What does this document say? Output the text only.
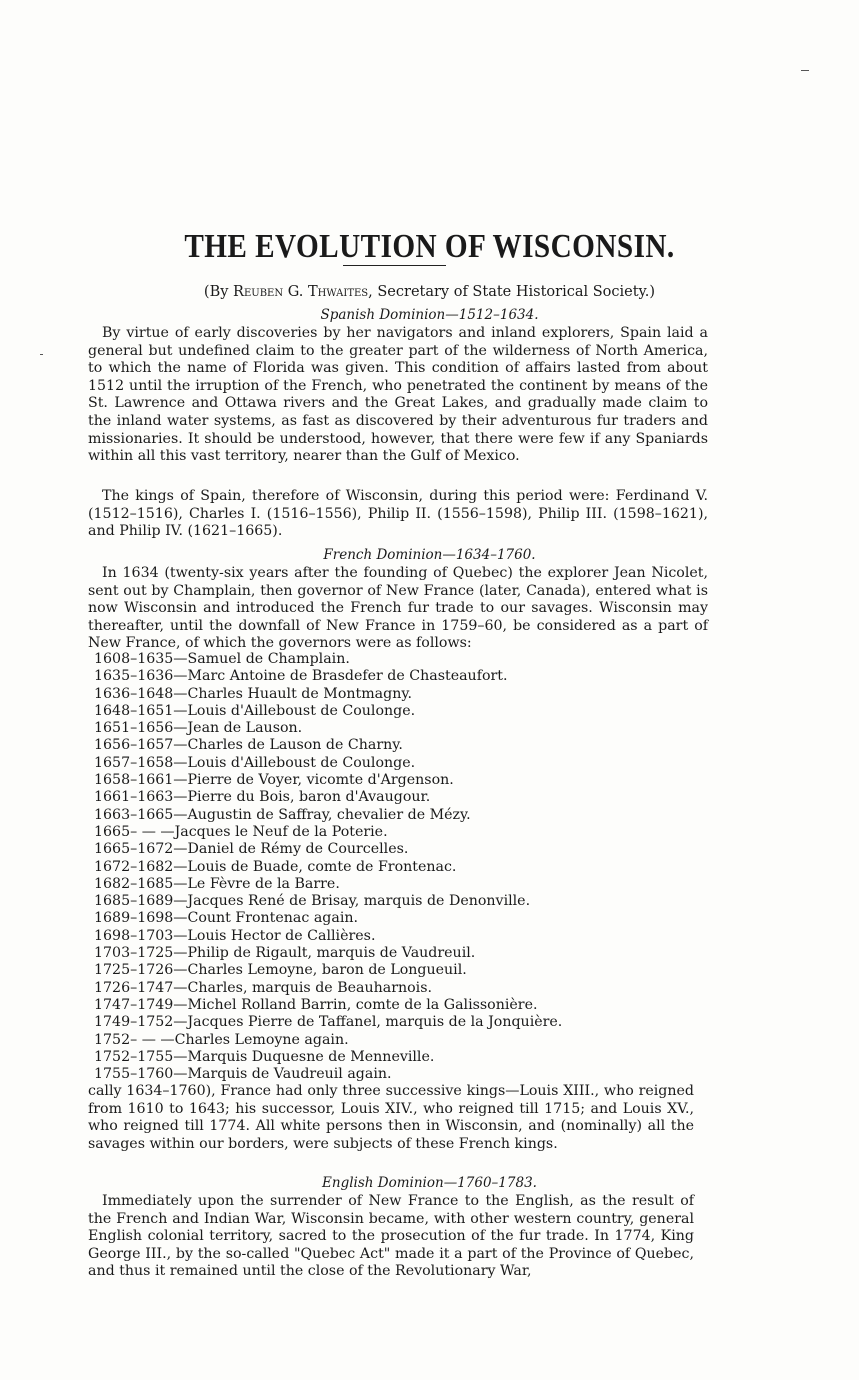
THE EVOLUTION OF WISCONSIN.
(By Reuben G. Thwaites, Secretary of State Historical Society.)
Spanish Dominion—1512–1634.

By virtue of early discoveries by her navigators and inland explorers, Spain laid a general but undefined claim to the greater part of the wilderness of North America, to which the name of Florida was given. This condition of affairs lasted from about 1512 until the irruption of the French, who penetrated the continent by means of the St. Lawrence and Ottawa rivers and the Great Lakes, and gradually made claim to the inland water systems, as fast as discovered by their adventurous fur traders and missionaries. It should be understood, however, that there were few if any Spaniards within all this vast territory, nearer than the Gulf of Mexico.

The kings of Spain, therefore of Wisconsin, during this period were: Ferdinand V. (1512–1516), Charles I. (1516–1556), Philip II. (1556–1598), Philip III. (1598–1621), and Philip IV. (1621–1665).

French Dominion—1634–1760.

In 1634 (twenty-six years after the founding of Quebec) the explorer Jean Nicolet, sent out by Champlain, then governor of New France (later, Canada), entered what is now Wisconsin and introduced the French fur trade to our savages. Wisconsin may thereafter, until the downfall of New France in 1759–60, be considered as a part of New France, of which the governors were as follows:

1608–1635—Samuel de Champlain.
1635–1636—Marc Antoine de Brasdefer de Chasteaufort.
1636–1648—Charles Huault de Montmagny.
1648–1651—Louis d'Ailleboust de Coulonge.
1651–1656—Jean de Lauson.
1656–1657—Charles de Lauson de Charny.
1657–1658—Louis d'Ailleboust de Coulonge.
1658–1661—Pierre de Voyer, vicomte d'Argenson.
1661–1663—Pierre du Bois, baron d'Avaugour.
1663–1665—Augustin de Saffray, chevalier de Mézy.
1665– — —Jacques le Neuf de la Poterie.
1665–1672—Daniel de Rémy de Courcelles.
1672–1682—Louis de Buade, comte de Frontenac.
1682–1685—Le Fèvre de la Barre.
1685–1689—Jacques René de Brisay, marquis de Denonville.
1689–1698—Count Frontenac again.
1698–1703—Louis Hector de Callières.
1703–1725—Philip de Rigault, marquis de Vaudreuil.
1725–1726—Charles Lemoyne, baron de Longueuil.
1726–1747—Charles, marquis de Beauharnois.
1747–1749—Michel Rolland Barrin, comte de la Galissonière.
1749–1752—Jacques Pierre de Taffanel, marquis de la Jonquière.
1752– — —Charles Lemoyne again.
1752–1755—Marquis Duquesne de Menneville.
1755–1760—Marquis de Vaudreuil again.

cally 1634–1760), France had only three successive kings—Louis XIII., who reigned from 1610 to 1643; his successor, Louis XIV., who reigned till 1715; and Louis XV., who reigned till 1774. All white persons then in Wisconsin, and (nominally) all the savages within our borders, were subjects of these French kings.

English Dominion—1760–1783.

Immediately upon the surrender of New France to the English, as the result of the French and Indian War, Wisconsin became, with other western country, general English colonial territory, sacred to the prosecution of the fur trade. In 1774, King George III., by the so-called "Quebec Act" made it a part of the Province of Quebec, and thus it remained until the close of the Revolutionary War,
